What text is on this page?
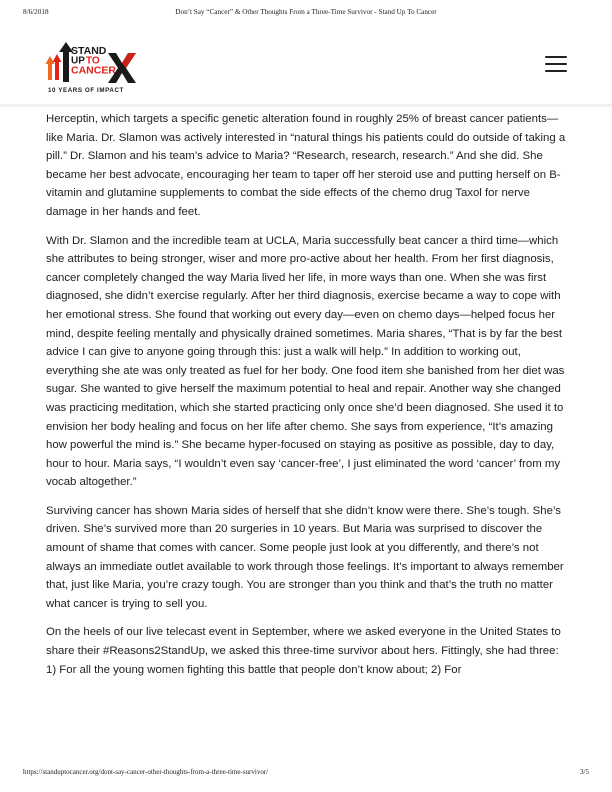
8/6/2018	Don’t Say “Cancer” & Other Thoughts From a Three-Time Survivor - Stand Up To Cancer
STAND
UP TO
CANCER
10 YEARS OF IMPACT

Herceptin, which targets a specific genetic alteration found in roughly 25% of breast cancer patients—like Maria. Dr. Slamon was actively interested in “natural things his patients could do outside of taking a pill.” Dr. Slamon and his team’s advice to Maria? “Research, research, research.” And she did. She became her best advocate, encouraging her team to taper off her steroid use and putting herself on B-vitamin and glutamine supplements to combat the side effects of the chemo drug Taxol for nerve damage in her hands and feet.

With Dr. Slamon and the incredible team at UCLA, Maria successfully beat cancer a third time—which she attributes to being stronger, wiser and more pro-active about her health. From her first diagnosis, cancer completely changed the way Maria lived her life, in more ways than one. When she was first diagnosed, she didn’t exercise regularly. After her third diagnosis, exercise became a way to cope with her emotional stress. She found that working out every day—even on chemo days—helped focus her mind, despite feeling mentally and physically drained sometimes. Maria shares, “That is by far the best advice I can give to anyone going through this: just a walk will help.” In addition to working out, everything she ate was only treated as fuel for her body. One food item she banished from her diet was sugar. She wanted to give herself the maximum potential to heal and repair. Another way she changed was practicing meditation, which she started practicing only once she’d been diagnosed. She used it to envision her body healing and focus on her life after chemo. She says from experience, “It’s amazing how powerful the mind is.” She became hyper-focused on staying as positive as possible, day to day, hour to hour. Maria says, “I wouldn’t even say ‘cancer-free’, I just eliminated the word ‘cancer’ from my vocab altogether.”

Surviving cancer has shown Maria sides of herself that she didn’t know were there. She’s tough. She’s driven. She’s survived more than 20 surgeries in 10 years. But Maria was surprised to discover the amount of shame that comes with cancer. Some people just look at you differently, and there’s not always an immediate outlet available to work through those feelings. It’s important to always remember that, just like Maria, you’re crazy tough. You are stronger than you think and that’s the truth no matter what cancer is trying to sell you.

On the heels of our live telecast event in September, where we asked everyone in the United States to share their #Reasons2StandUp, we asked this three-time survivor about hers. Fittingly, she had three: 1) For all the young women fighting this battle that people don’t know about; 2) For

https://standuptocancer.org/dont-say-cancer-other-thoughts-from-a-three-time-survivor/	3/5
